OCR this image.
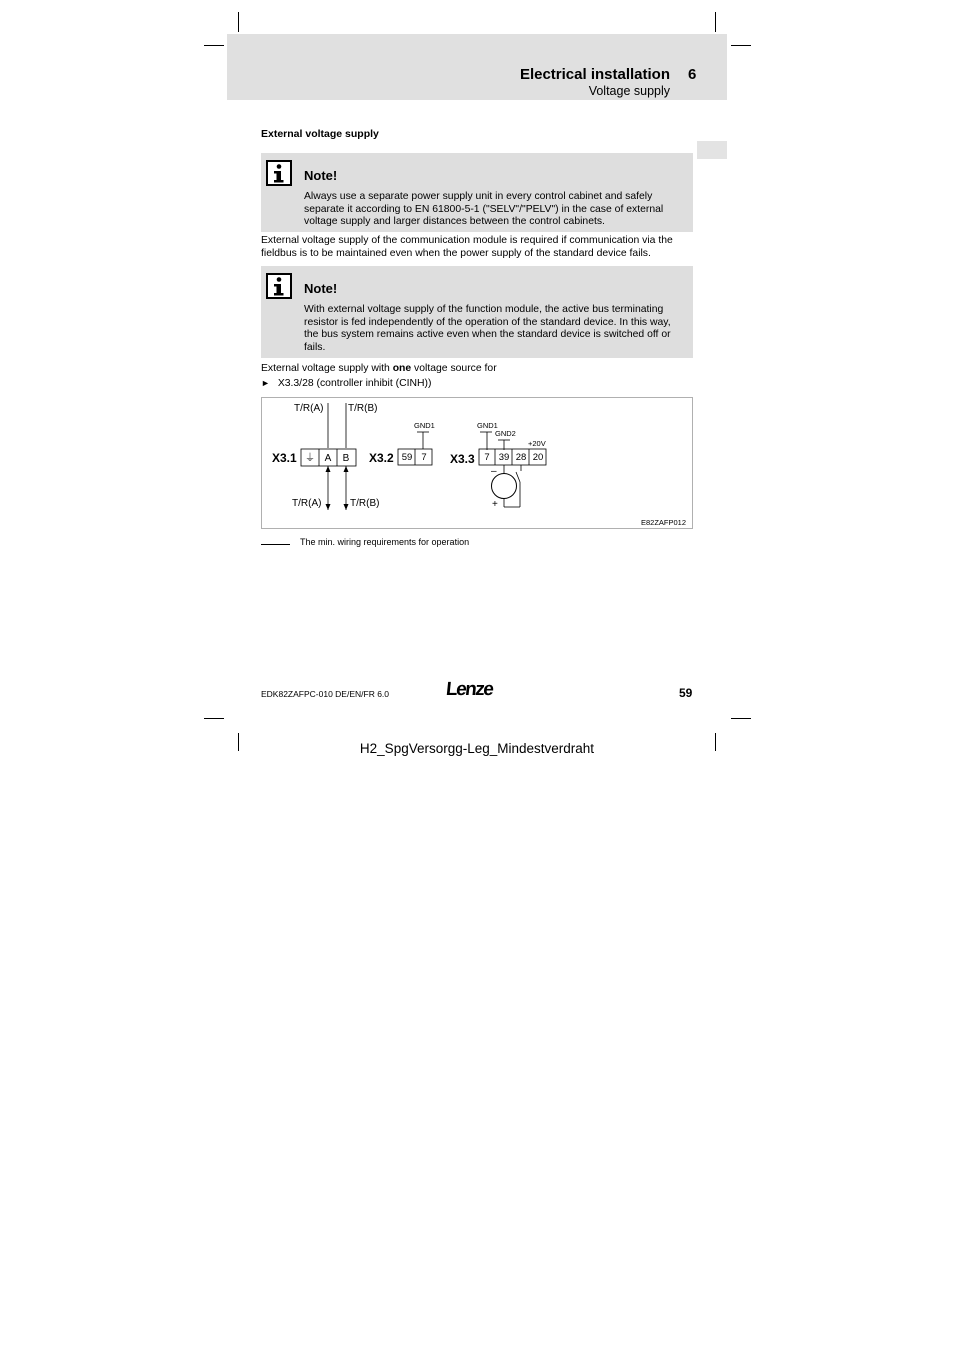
Electrical installation 6
Voltage supply
External voltage supply
Note!
Always use a separate power supply unit in every control cabinet and safely separate it according to EN 61800-5-1 ("SELV"/"PELV") in the case of external voltage supply and larger distances between the control cabinets.
External voltage supply of the communication module is required if communication via the fieldbus is to be maintained even when the power supply of the standard device fails.
Note!
With external voltage supply of the function module, the active bus terminating resistor is fed independently of the operation of the standard device. In this way, the bus system remains active even when the standard device is switched off or fails.
External voltage supply with one voltage source for
► X3.3/28 (controller inhibit (CINH))
T/R(A) T/R(B)
X3.1 ⏚ A B
T/R(A)	T/R(B)
GND1
X3.2 59 7
GND1
GND2
+20V
X3.3 7 39 28 20
–
+
E82ZAFP012
The min. wiring requirements for operation
EDK82ZAFPC-010 DE/EN/FR 6.0	Lenze	59
H2_SpgVersorgg-Leg_Mindestverdraht
